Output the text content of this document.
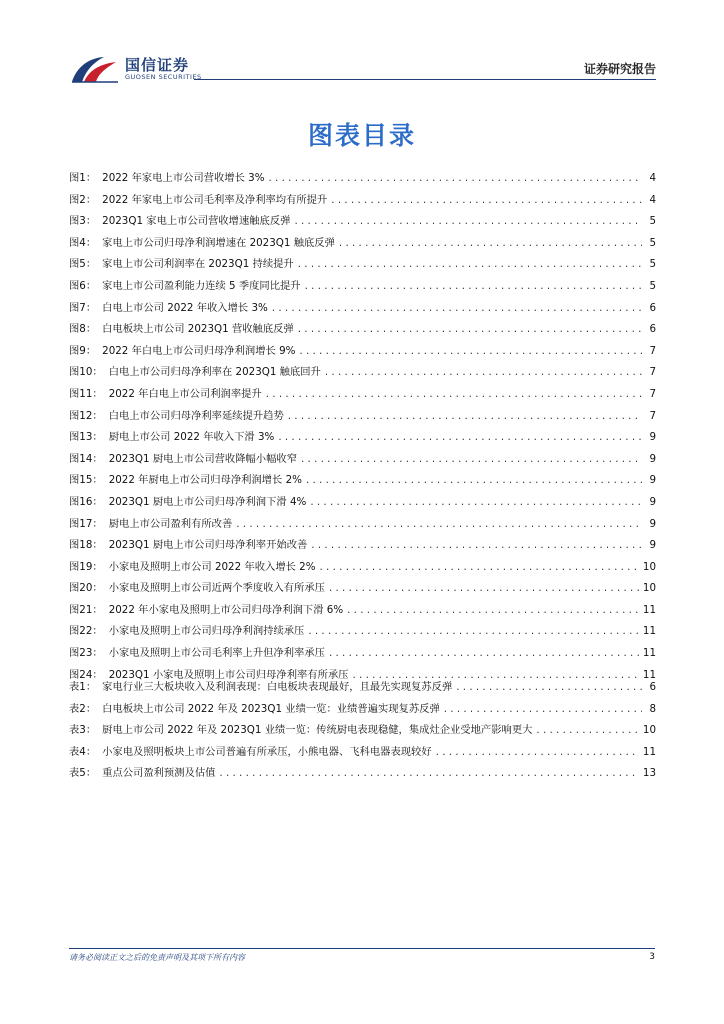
国信证券
GUOSEN SECURITIES
证券研究报告
图表目录
图1： 2022 年家电上市公司营收增长 3% . . .	4
图2： 2022 年家电上市公司毛利率及净利率均有所提升 . . .	4
图3： 2023Q1 家电上市公司营收增速触底反弹 . . .	5
图4： 家电上市公司归母净利润增速在 2023Q1 触底反弹 . . .	5
图5： 家电上市公司利润率在 2023Q1 持续提升 . . .	5
图6： 家电上市公司盈利能力连续 5 季度同比提升 . . .	5
图7： 白电上市公司 2022 年收入增长 3% . . .	6
图8： 白电板块上市公司 2023Q1 营收触底反弹 . . .	6
图9： 2022 年白电上市公司归母净利润增长 9% . . .	7
图10： 白电上市公司归母净利率在 2023Q1 触底回升 . . .	7
图11： 2022 年白电上市公司利润率提升 . . .	7
图12： 白电上市公司归母净利率延续提升趋势 . . .	7
图13： 厨电上市公司 2022 年收入下滑 3% . . .	9
图14： 2023Q1 厨电上市公司营收降幅小幅收窄 . . .	9
图15： 2022 年厨电上市公司归母净利润增长 2% . . .	9
图16： 2023Q1 厨电上市公司归母净利润下滑 4% . . .	9
图17： 厨电上市公司盈利有所改善 . . .	9
图18： 2023Q1 厨电上市公司归母净利率开始改善 . . .	9
图19： 小家电及照明上市公司 2022 年收入增长 2% . . .	10
图20： 小家电及照明上市公司近两个季度收入有所承压 . . .	10
图21： 2022 年小家电及照明上市公司归母净利润下滑 6% . . .	11
图22： 小家电及照明上市公司归母净利润持续承压 . . .	11
图23： 小家电及照明上市公司毛利率上升但净利率承压 . . .	11
图24： 2023Q1 小家电及照明上市公司归母净利率有所承压 . . .	11
表1： 家电行业三大板块收入及利润表现：白电板块表现最好，且最先实现复苏反弹 . . .	6
表2： 白电板块上市公司 2022 年及 2023Q1 业绩一览：业绩普遍实现复苏反弹 . . .	8
表3： 厨电上市公司 2022 年及 2023Q1 业绩一览：传统厨电表现稳健，集成灶企业受地产影响更大 . . .	10
表4： 小家电及照明板块上市公司普遍有所承压，小熊电器、飞科电器表现较好 . . .	11
表5： 重点公司盈利预测及估值 . . .	13
请务必阅读正文之后的免责声明及其项下所有内容	3
